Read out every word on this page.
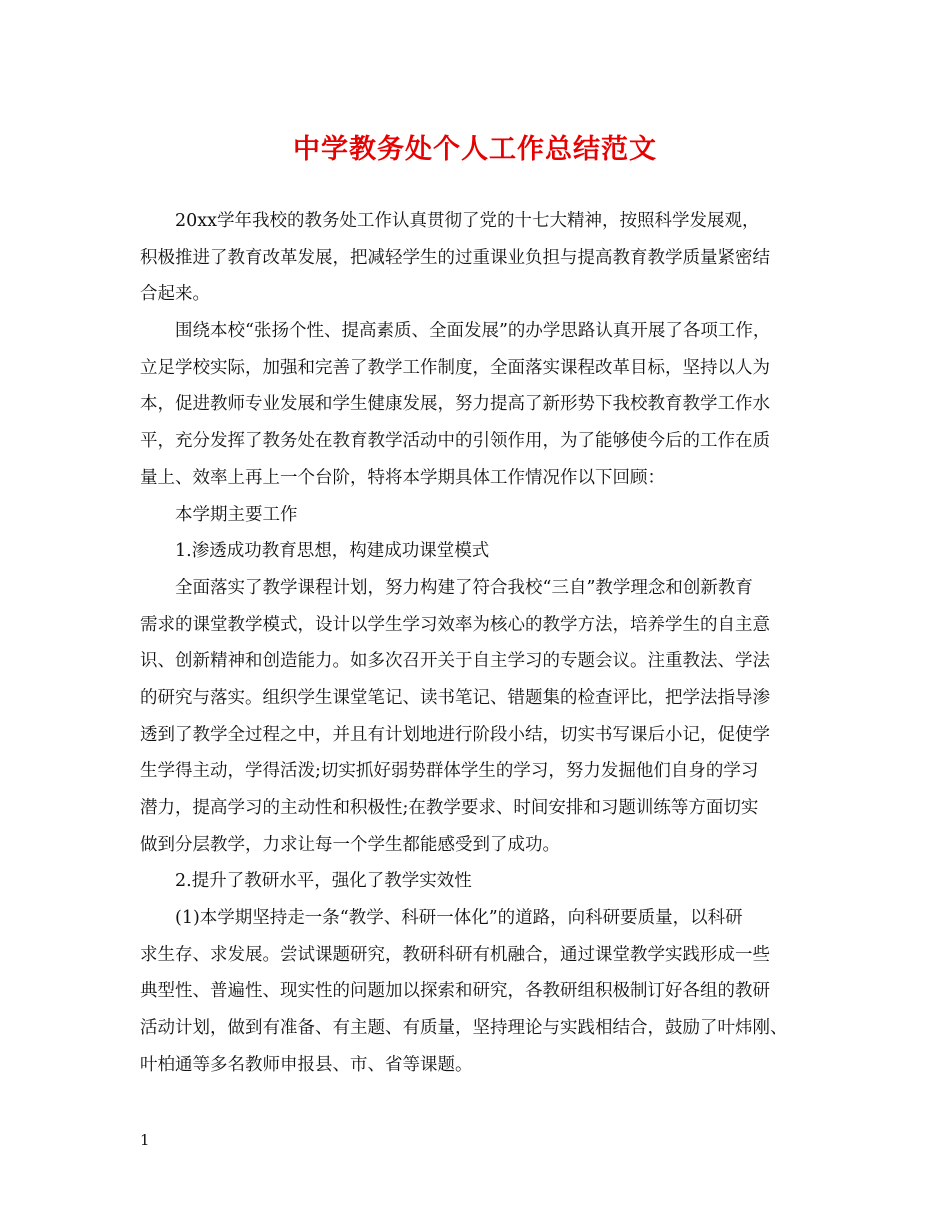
中学教务处个人工作总结范文
20xx学年我校的教务处工作认真贯彻了党的十七大精神，按照科学发展观，
积极推进了教育改革发展，把减轻学生的过重课业负担与提高教育教学质量紧密结
合起来。
围绕本校“张扬个性、提高素质、全面发展”的办学思路认真开展了各项工作，
立足学校实际，加强和完善了教学工作制度，全面落实课程改革目标，坚持以人为
本，促进教师专业发展和学生健康发展，努力提高了新形势下我校教育教学工作水
平，充分发挥了教务处在教育教学活动中的引领作用，为了能够使今后的工作在质
量上、效率上再上一个台阶，特将本学期具体工作情况作以下回顾：
本学期主要工作
1.渗透成功教育思想，构建成功课堂模式
全面落实了教学课程计划，努力构建了符合我校“三自”教学理念和创新教育
需求的课堂教学模式，设计以学生学习效率为核心的教学方法，培养学生的自主意
识、创新精神和创造能力。如多次召开关于自主学习的专题会议。注重教法、学法
的研究与落实。组织学生课堂笔记、读书笔记、错题集的检查评比，把学法指导渗
透到了教学全过程之中，并且有计划地进行阶段小结，切实书写课后小记，促使学
生学得主动，学得活泼;切实抓好弱势群体学生的学习，努力发掘他们自身的学习
潜力，提高学习的主动性和积极性;在教学要求、时间安排和习题训练等方面切实
做到分层教学，力求让每一个学生都能感受到了成功。
2.提升了教研水平，强化了教学实效性
(1)本学期坚持走一条“教学、科研一体化”的道路，向科研要质量，以科研
求生存、求发展。尝试课题研究，教研科研有机融合，通过课堂教学实践形成一些
典型性、普遍性、现实性的问题加以探索和研究，各教研组积极制订好各组的教研
活动计划，做到有准备、有主题、有质量，坚持理论与实践相结合，鼓励了叶炜刚、
叶柏通等多名教师申报县、市、省等课题。
1
